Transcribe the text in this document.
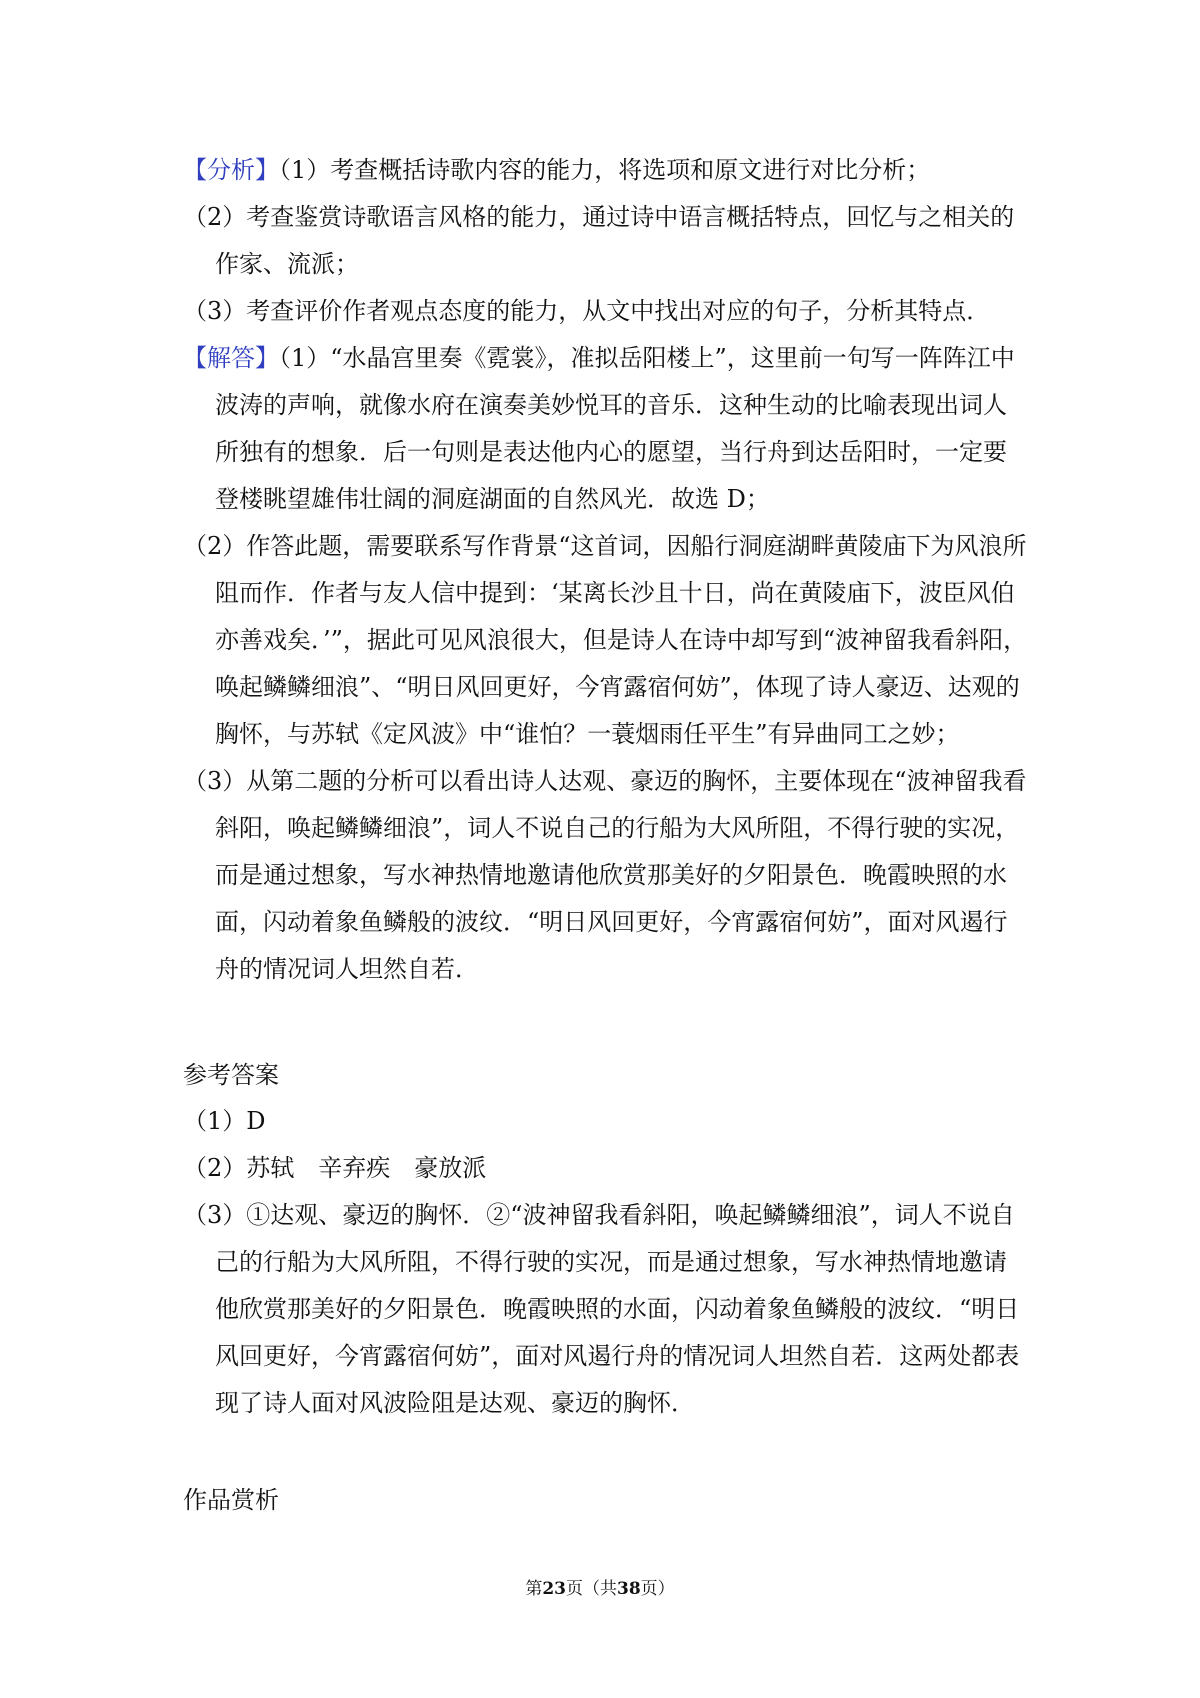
【分析】（1）考查概括诗歌内容的能力，将选项和原文进行对比分析；
（2）考查鉴赏诗歌语言风格的能力，通过诗中语言概括特点，回忆与之相关的
作家、流派；
（3）考查评价作者观点态度的能力，从文中找出对应的句子，分析其特点．
【解答】（1）“水晶宫里奏《霓裳》，准拟岳阳楼上”，这里前一句写一阵阵江中
波涛的声响，就像水府在演奏美妙悦耳的音乐．这种生动的比喻表现出词人
所独有的想象．后一句则是表达他内心的愿望，当行舟到达岳阳时，一定要
登楼眺望雄伟壮阔的洞庭湖面的自然风光．故选 D；
（2）作答此题，需要联系写作背景“这首词，因船行洞庭湖畔黄陵庙下为风浪所
阻而作．作者与友人信中提到：‘某离长沙且十日，尚在黄陵庙下，波臣风伯
亦善戏矣．’”，据此可见风浪很大，但是诗人在诗中却写到“波神留我看斜阳，
唤起鳞鳞细浪”、“明日风回更好，今宵露宿何妨”，体现了诗人豪迈、达观的
胸怀，与苏轼《定风波》中“谁怕？一蓑烟雨任平生”有异曲同工之妙；
（3）从第二题的分析可以看出诗人达观、豪迈的胸怀，主要体现在“波神留我看
斜阳，唤起鳞鳞细浪”，词人不说自己的行船为大风所阻，不得行驶的实况，
而是通过想象，写水神热情地邀请他欣赏那美好的夕阳景色．晚霞映照的水
面，闪动着象鱼鳞般的波纹．“明日风回更好，今宵露宿何妨”，面对风遏行
舟的情况词人坦然自若．
参考答案
（1）D
（2）苏轼　辛弃疾　豪放派
（3）①达观、豪迈的胸怀．②“波神留我看斜阳，唤起鳞鳞细浪”，词人不说自
己的行船为大风所阻，不得行驶的实况，而是通过想象，写水神热情地邀请
他欣赏那美好的夕阳景色．晚霞映照的水面，闪动着象鱼鳞般的波纹．“明日
风回更好，今宵露宿何妨”，面对风遏行舟的情况词人坦然自若．这两处都表
现了诗人面对风波险阻是达观、豪迈的胸怀．
作品赏析
第23页（共38页）
